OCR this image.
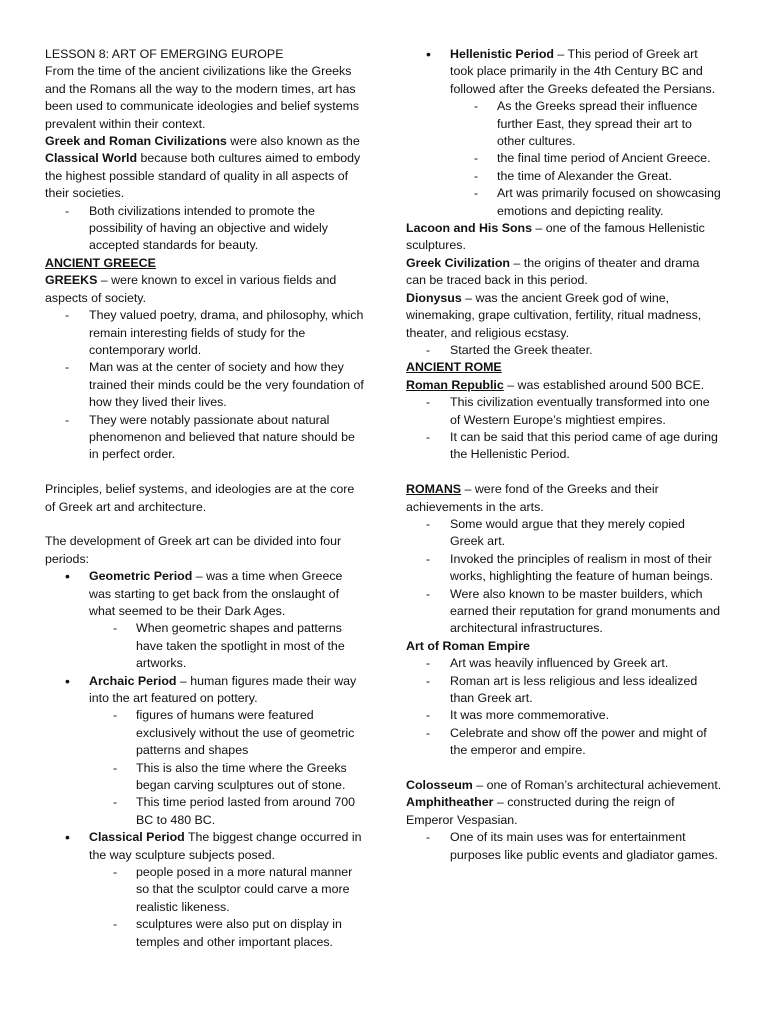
LESSON 8: ART OF EMERGING EUROPE

From the time of the ancient civilizations like the Greeks and the Romans all the way to the modern times, art has been used to communicate ideologies and belief systems prevalent within their context.

Greek and Roman Civilizations were also known as the Classical World because both cultures aimed to embody the highest possible standard of quality in all aspects of their societies.

- Both civilizations intended to promote the possibility of having an objective and widely accepted standards for beauty.

ANCIENT GREECE

GREEKS – were known to excel in various fields and aspects of society.

- They valued poetry, drama, and philosophy, which remain interesting fields of study for the contemporary world.
- Man was at the center of society and how they trained their minds could be the very foundation of how they lived their lives.
- They were notably passionate about natural phenomenon and believed that nature should be in perfect order.

Principles, belief systems, and ideologies are at the core of Greek art and architecture.

The development of Greek art can be divided into four periods:

• Geometric Period – was a time when Greece was starting to get back from the onslaught of what seemed to be their Dark Ages.
- When geometric shapes and patterns have taken the spotlight in most of the artworks.
• Archaic Period – human figures made their way into the art featured on pottery.
- figures of humans were featured exclusively without the use of geometric patterns and shapes
- This is also the time where the Greeks began carving sculptures out of stone.
- This time period lasted from around 700 BC to 480 BC.
• Classical Period The biggest change occurred in the way sculpture subjects posed.
- people posed in a more natural manner so that the sculptor could carve a more realistic likeness.
- sculptures were also put on display in temples and other important places.
• Hellenistic Period – This period of Greek art took place primarily in the 4th Century BC and followed after the Greeks defeated the Persians.
- As the Greeks spread their influence further East, they spread their art to other cultures.
- the final time period of Ancient Greece.
- the time of Alexander the Great.
- Art was primarily focused on showcasing emotions and depicting reality.

Lacoon and His Sons – one of the famous Hellenistic sculptures.

Greek Civilization – the origins of theater and drama can be traced back in this period.

Dionysus – was the ancient Greek god of wine, winemaking, grape cultivation, fertility, ritual madness, theater, and religious ecstasy.

- Started the Greek theater.

ANCIENT ROME

Roman Republic – was established around 500 BCE.

- This civilization eventually transformed into one of Western Europe’s mightiest empires.
- It can be said that this period came of age during the Hellenistic Period.

ROMANS – were fond of the Greeks and their achievements in the arts.

- Some would argue that they merely copied Greek art.
- Invoked the principles of realism in most of their works, highlighting the feature of human beings.
- Were also known to be master builders, which earned their reputation for grand monuments and architectural infrastructures.

Art of Roman Empire

- Art was heavily influenced by Greek art.
- Roman art is less religious and less idealized than Greek art.
- It was more commemorative.
- Celebrate and show off the power and might of the emperor and empire.

Colosseum – one of Roman’s architectural achievement.

Amphitheather – constructed during the reign of Emperor Vespasian.

- One of its main uses was for entertainment purposes like public events and gladiator games.
